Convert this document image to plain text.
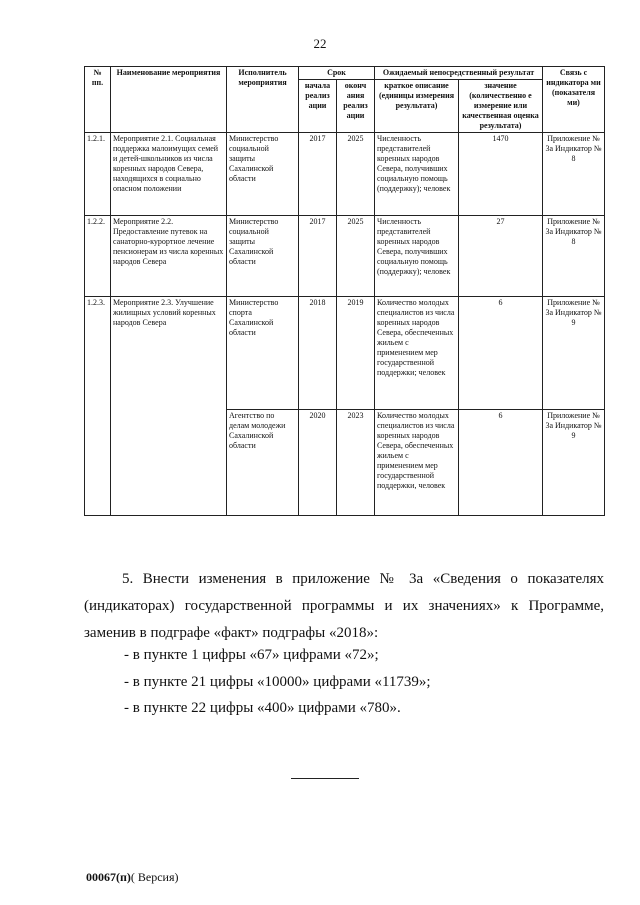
22
№ пп.	Наименование мероприятия	Исполнитель мероприятия	Срок		Ожидаемый непосредственный результат		Связь с индикатора ми (показателя ми)
			начала реализ ации	оконч ания реализ ации	краткое описание (единицы измерения результата)	значение (количественно е измерение или качественная оценка результата)	
1.2.1.	Мероприятие 2.1. Социальная поддержка малоимущих семей и детей-школьников из числа коренных народов Севера, находящихся в социально опасном положении	Министерство социальной защиты Сахалинской области	2017	2025	Численность представителей коренных народов Севера, получивших социальную помощь (поддержку); человек	1470	Приложение № 3а Индикатор № 8
1.2.2.	Мероприятие 2.2. Предоставление путевок на санаторно-курортное лечение пенсионерам из числа коренных народов Севера	Министерство социальной защиты Сахалинской области	2017	2025	Численность представителей коренных народов Севера, получивших социальную помощь (поддержку); человек	27	Приложение № 3а Индикатор № 8
1.2.3.	Мероприятие 2.3. Улучшение жилищных условий коренных народов Севера	Министерство спорта Сахалинской области	2018	2019	Количество молодых специалистов из числа коренных народов Севера, обеспеченных жильем с применением мер государственной поддержки; человек	6	Приложение № 3а Индикатор № 9
		Агентство по делам молодежи Сахалинской области	2020	2023	Количество молодых специалистов из числа коренных народов Севера, обеспеченных жильем с применением мер государственной поддержки, человек	6	Приложение № 3а Индикатор № 9
5. Внести изменения в приложение № 3а «Сведения о показателях (индикаторах) государственной программы и их значениях» к Программе, заменив в подграфе «факт» подграфы «2018»:
- в пункте 1 цифры «67» цифрами «72»;
- в пункте 21 цифры «10000» цифрами «11739»;
- в пункте 22 цифры «400» цифрами «780».
00067(п)( Версия)
